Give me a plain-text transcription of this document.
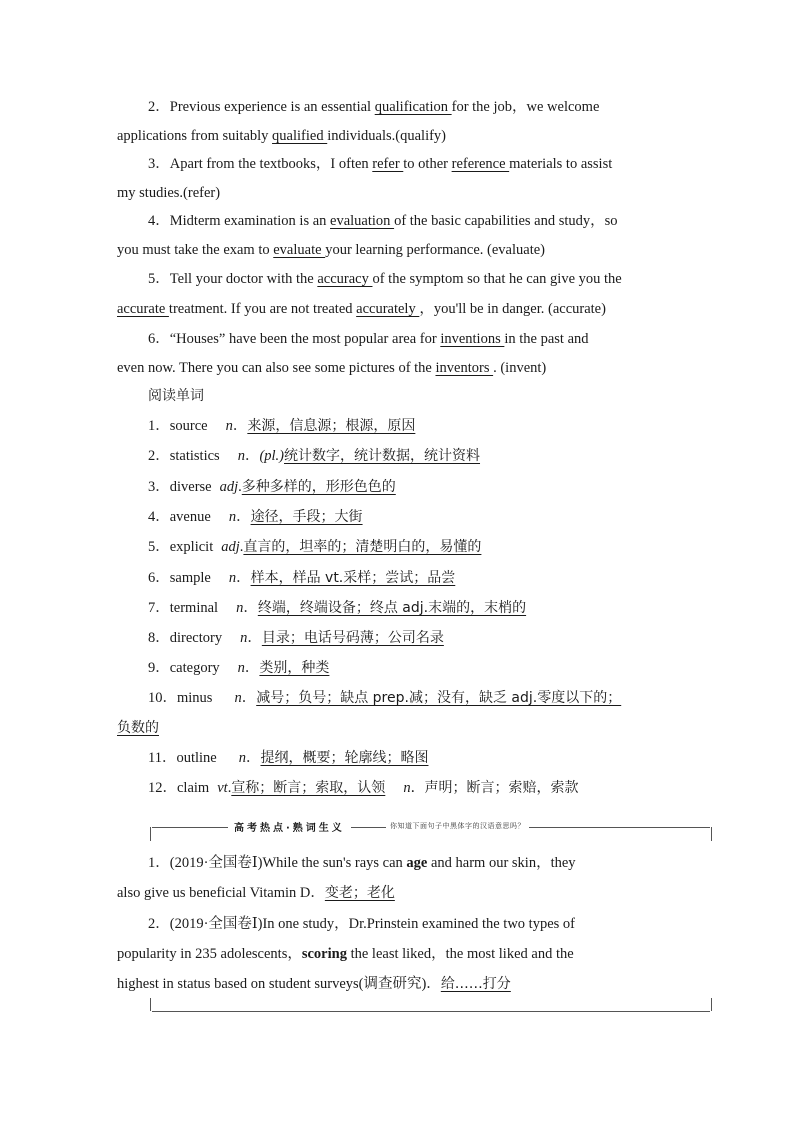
2．Previous experience is an essential qualification for the job，we welcome
applications from suitably qualified individuals.(qualify)
3．Apart from the textbooks，I often refer to other reference materials to assist
my studies.(refer)
4．Midterm examination is an evaluation of the basic capabilities and study，so
you must take the exam to evaluate your learning performance. (evaluate)
5．Tell your doctor with the accuracy of the symptom so that he can give you the
accurate treatment. If you are not treated accurately ，you'll be in danger. (accurate)
6．“Houses” have been the most popular area for inventions in the past and
even now. There you can also see some pictures of the inventors . (invent)
阅读单词
1．source n．来源，信息源；根源，原因
2．statistics n．(pl.)统计数字，统计数据，统计资料
3．diverse adj.多种多样的，形形色色的
4．avenue n．途径，手段；大街
5．explicit adj.直言的，坦率的；清楚明白的，易懂的
6．sample n．样本，样品 vt.采样；尝试；品尝
7．terminal n．终端，终端设备；终点 adj.末端的，末梢的
8．directory n．目录；电话号码薄；公司名录
9．category n．类别，种类
10．minus n．减号；负号；缺点 prep.减；没有，缺乏 adj.零度以下的；
负数的
11．outline n．提纲，概要；轮廓线；略图
12．claim vt.宣称；断言；索取，认领 n．声明；断言；索赔，索款
高考热点·熟词生义	你知道下面句子中黑体字的汉语意思吗？
1．(2019·全国卷Ⅰ)While the sun's rays can age and harm our skin，they
also give us beneficial Vitamin D．变老；老化
2．(2019·全国卷Ⅰ)In one study，Dr.Prinstein examined the two types of
popularity in 235 adolescents，scoring the least liked，the most liked and the
highest in status based on student surveys(调查研究)．给……打分
